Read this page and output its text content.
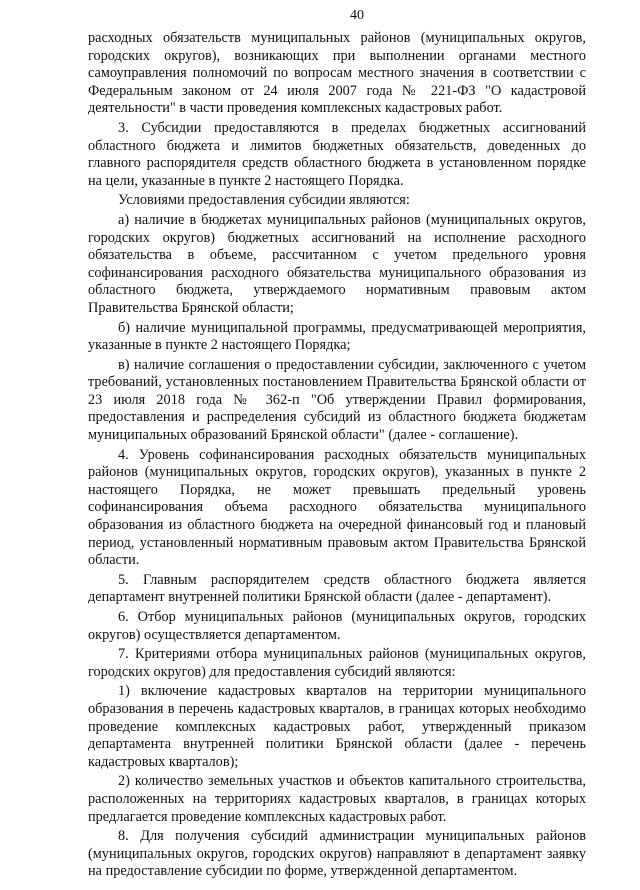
40

расходных обязательств муниципальных районов (муниципальных округов, городских округов), возникающих при выполнении органами местного самоуправления полномочий по вопросам местного значения в соответствии с Федеральным законом от 24 июля 2007 года № 221-ФЗ "О кадастровой деятельности" в части проведения комплексных кадастровых работ.

3. Субсидии предоставляются в пределах бюджетных ассигнований областного бюджета и лимитов бюджетных обязательств, доведенных до главного распорядителя средств областного бюджета в установленном порядке на цели, указанные в пункте 2 настоящего Порядка.

Условиями предоставления субсидии являются:

а) наличие в бюджетах муниципальных районов (муниципальных округов, городских округов) бюджетных ассигнований на исполнение расходного обязательства в объеме, рассчитанном с учетом предельного уровня софинансирования расходного обязательства муниципального образования из областного бюджета, утверждаемого нормативным правовым актом Правительства Брянской области;

б) наличие муниципальной программы, предусматривающей мероприятия, указанные в пункте 2 настоящего Порядка;

в) наличие соглашения о предоставлении субсидии, заключенного с учетом требований, установленных постановлением Правительства Брянской области от 23 июля 2018 года № 362-п "Об утверждении Правил формирования, предоставления и распределения субсидий из областного бюджета бюджетам муниципальных образований Брянской области" (далее - соглашение).

4. Уровень софинансирования расходных обязательств муниципальных районов (муниципальных округов, городских округов), указанных в пункте 2 настоящего Порядка, не может превышать предельный уровень софинансирования объема расходного обязательства муниципального образования из областного бюджета на очередной финансовый год и плановый период, установленный нормативным правовым актом Правительства Брянской области.

5. Главным распорядителем средств областного бюджета является департамент внутренней политики Брянской области (далее - департамент).

6. Отбор муниципальных районов (муниципальных округов, городских округов) осуществляется департаментом.

7. Критериями отбора муниципальных районов (муниципальных округов, городских округов) для предоставления субсидий являются:

1) включение кадастровых кварталов на территории муниципального образования в перечень кадастровых кварталов, в границах которых необходимо проведение комплексных кадастровых работ, утвержденный приказом департамента внутренней политики Брянской области (далее - перечень кадастровых кварталов);

2) количество земельных участков и объектов капитального строительства, расположенных на территориях кадастровых кварталов, в границах которых предлагается проведение комплексных кадастровых работ.

8. Для получения субсидий администрации муниципальных районов (муниципальных округов, городских округов) направляют в департамент заявку на предоставление субсидии по форме, утвержденной департаментом.
